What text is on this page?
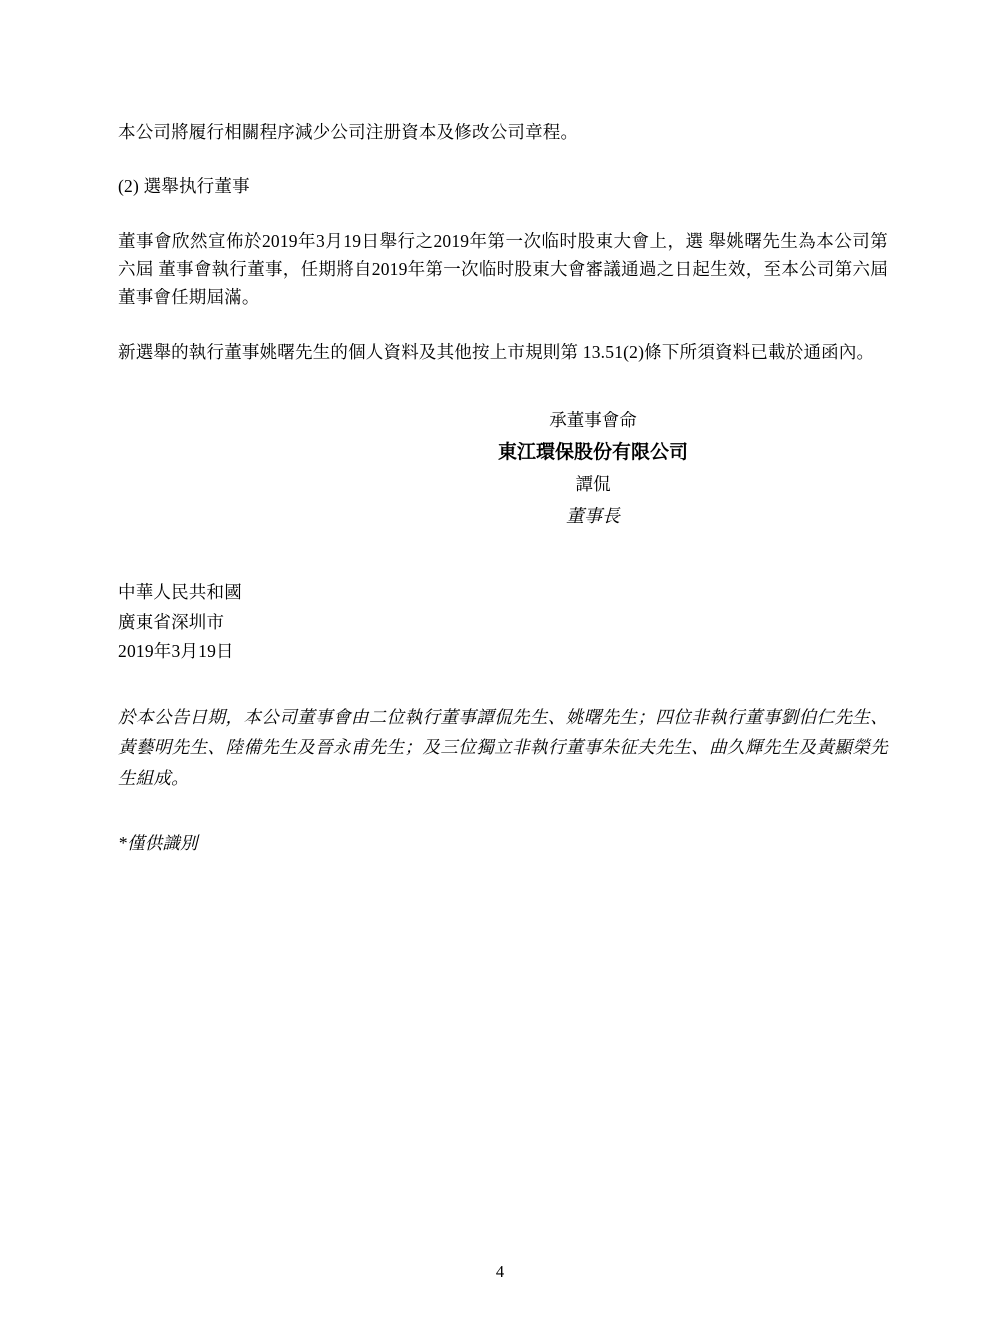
本公司將履行相關程序減少公司注册資本及修改公司章程。

(2) 選舉执行董事

董事會欣然宣佈於2019年3月19日舉行之2019年第一次临时股東大會上，選 舉姚曙先生為本公司第六屆 董事會執行董事，任期將自2019年第一次临时股東大會審議通過之日起生效，至本公司第六屆董事會任期屆滿。

新選舉的執行董事姚曙先生的個人資料及其他按上市規則第 13.51(2)條下所須資料已載於通函內。

承董事會命
東江環保股份有限公司
譚侃
董事長

中華人民共和國

廣東省深圳市

2019年3月19日

於本公告日期，本公司董事會由二位執行董事譚侃先生、姚曙先生；四位非執行董事劉伯仁先生、黃藝明先生、陸備先生及晉永甫先生；及三位獨立非執行董事朱征夫先生、曲久輝先生及黃顯榮先生組成。

*僅供識別

4
